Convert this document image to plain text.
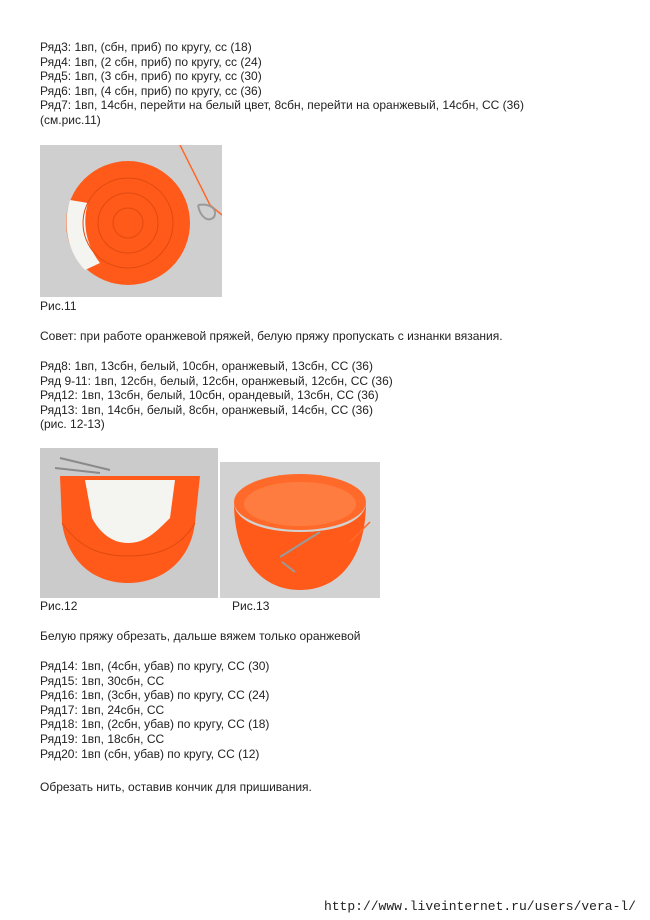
Ряд3: 1вп, (сбн, приб) по кругу, сс (18)
Ряд4: 1вп, (2 сбн, приб) по кругу, сс (24)
Ряд5: 1вп, (3 сбн, приб) по кругу, сс (30)
Ряд6: 1вп, (4 сбн, приб) по кругу, сс (36)
Ряд7: 1вп, 14сбн, перейти на белый цвет, 8сбн, перейти на оранжевый, 14сбн, СС (36)
(см.рис.11)
Рис.11
Совет: при работе оранжевой пряжей, белую пряжу пропускать с изнанки вязания.
Ряд8: 1вп, 13сбн, белый, 10сбн, оранжевый, 13сбн, СС (36)
Ряд 9-11: 1вп, 12сбн, белый, 12сбн, оранжевый, 12сбн, СС (36)
Ряд12: 1вп, 13сбн, белый, 10сбн, орандевый, 13сбн, СС (36)
Ряд13: 1вп, 14сбн, белый, 8сбн, оранжевый, 14сбн, СС (36)
(рис. 12-13)
Рис.12	Рис.13
Белую пряжу обрезать, дальше вяжем только оранжевой
Ряд14: 1вп, (4сбн, убав) по кругу, СС (30)
Ряд15: 1вп, 30сбн, СС
Ряд16: 1вп, (3сбн, убав) по кругу, СС (24)
Ряд17: 1вп, 24сбн, СС
Ряд18: 1вп, (2сбн, убав) по кругу, СС (18)
Ряд19: 1вп, 18сбн, СС
Ряд20: 1вп (сбн, убав) по кругу, СС (12)
Обрезать нить, оставив кончик для пришивания.
http://www.liveinternet.ru/users/vera-l/
